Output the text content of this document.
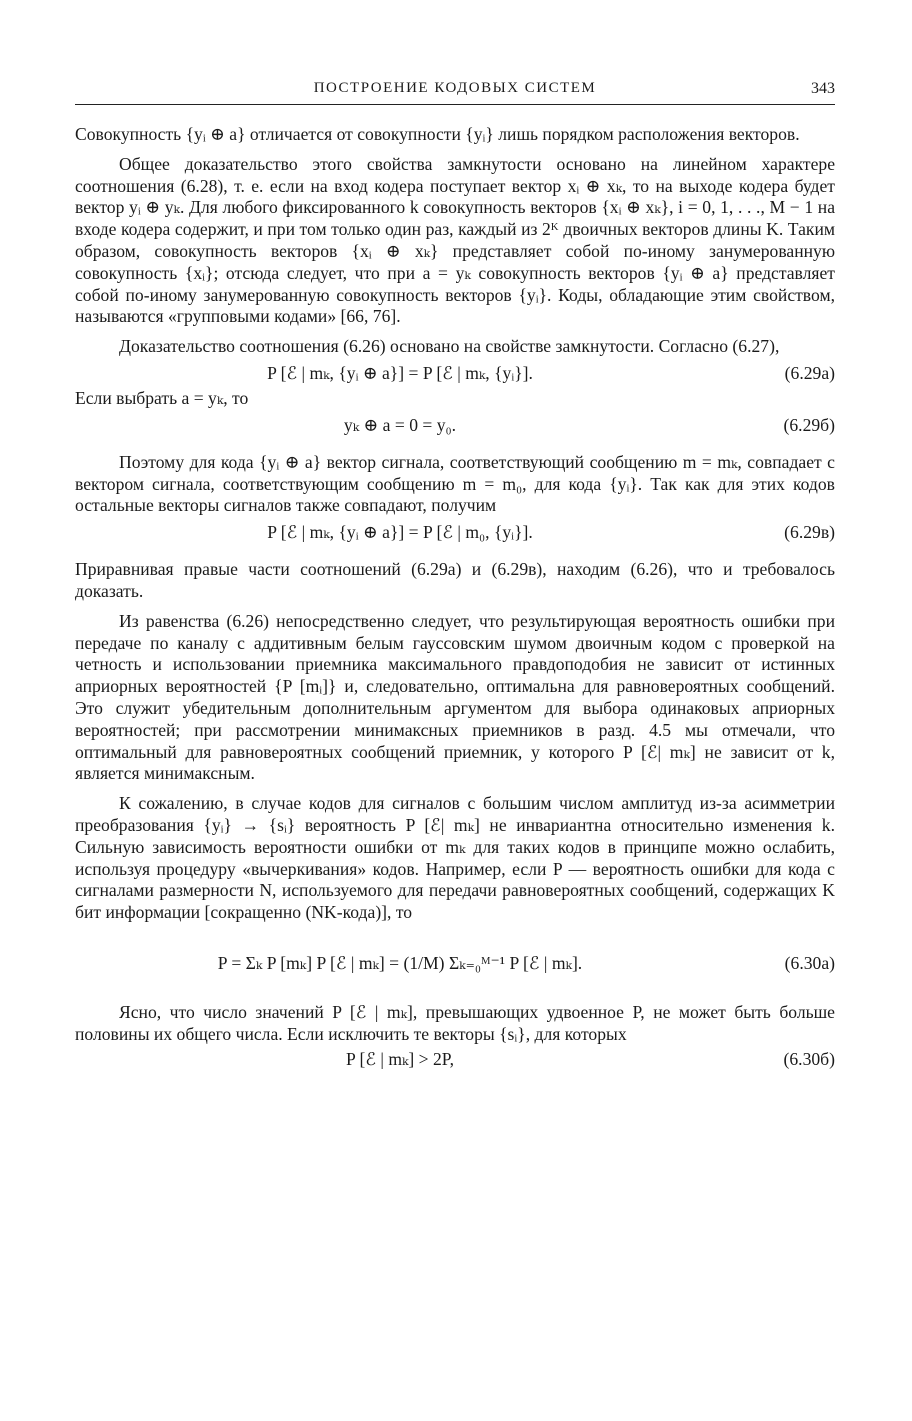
ПОСТРОЕНИЕ КОДОВЫХ СИСТЕМ	343

Совокупность {yᵢ ⊕ a} отличается от совокупности {yᵢ} лишь порядком расположения векторов.

Общее доказательство этого свойства замкнутости основано на линейном характере соотношения (6.28), т. е. если на вход кодера поступает вектор xᵢ ⊕ xₖ, то на выходе кодера будет вектор yᵢ ⊕ yₖ. Для любого фиксированного k совокупность векторов {xᵢ ⊕ xₖ}, i = 0, 1, . . ., M − 1 на входе кодера содержит, и при том только один раз, каждый из 2ᴷ двоичных векторов длины K. Таким образом, совокупность векторов {xᵢ ⊕ xₖ} представляет собой по-иному занумерованную совокупность {xᵢ}; отсюда следует, что при a = yₖ совокупность векторов {yᵢ ⊕ a} представляет собой по-иному занумерованную совокупность векторов {yᵢ}. Коды, обладающие этим свойством, называются «групповыми кодами» [66, 76].

Доказательство соотношения (6.26) основано на свойстве замкнутости. Согласно (6.27),

P [ℰ | mₖ, {yᵢ ⊕ a}] = P [ℰ | mₖ, {yᵢ}].	(6.29а)

Если выбрать a = yₖ, то

yₖ ⊕ a = 0 = y₀.	(6.29б)

Поэтому для кода {yᵢ ⊕ a} вектор сигнала, соответствующий сообщению m = mₖ, совпадает с вектором сигнала, соответствующим сообщению m = m₀, для кода {yᵢ}. Так как для этих кодов остальные векторы сигналов также совпадают, получим

P [ℰ | mₖ, {yᵢ ⊕ a}] = P [ℰ | m₀, {yᵢ}].	(6.29в)

Приравнивая правые части соотношений (6.29а) и (6.29в), находим (6.26), что и требовалось доказать.

Из равенства (6.26) непосредственно следует, что результирующая вероятность ошибки при передаче по каналу с аддитивным белым гауссовским шумом двоичным кодом с проверкой на четность и использовании приемника максимального правдоподобия не зависит от истинных априорных вероятностей {P [mᵢ]} и, следовательно, оптимальна для равновероятных сообщений. Это служит убедительным дополнительным аргументом для выбора одинаковых априорных вероятностей; при рассмотрении минимаксных приемников в разд. 4.5 мы отмечали, что оптимальный для равновероятных сообщений приемник, у которого P [ℰ| mₖ] не зависит от k, является минимаксным.

К сожалению, в случае кодов для сигналов с большим числом амплитуд из-за асимметрии преобразования {yᵢ} → {sᵢ} вероятность P [ℰ| mₖ] не инвариантна относительно изменения k. Сильную зависимость вероятности ошибки от mₖ для таких кодов в принципе можно ослабить, используя процедуру «вычеркивания» кодов. Например, если P — вероятность ошибки для кода с сигналами размерности N, используемого для передачи равновероятных сообщений, содержащих K бит информации [сокращенно (NK-кода)], то

P = Σₖ P [mₖ] P [ℰ | mₖ] = (1/M) Σₖ₌₀ᴹ⁻¹ P [ℰ | mₖ].	(6.30а)

Ясно, что число значений P [ℰ | mₖ], превышающих удвоенное P, не может быть больше половины их общего числа. Если исключить те векторы {sᵢ}, для которых

P [ℰ | mₖ] > 2P,	(6.30б)
